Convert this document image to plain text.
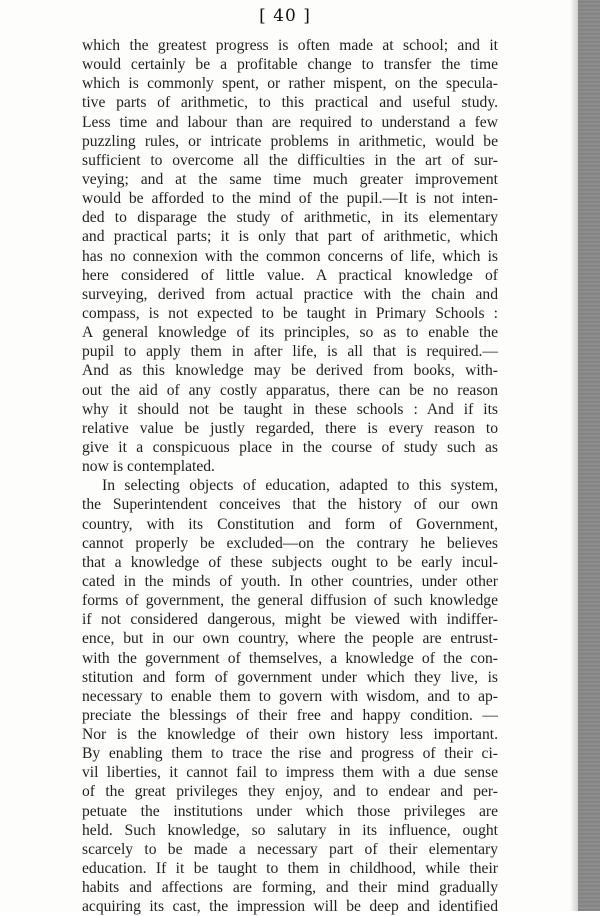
[ 40 ]
which the greatest progress is often made at school; and it
would certainly be a profitable change to transfer the time
which is commonly spent, or rather mispent, on the specula-
tive parts of arithmetic, to this practical and useful study.
Less time and labour than are required to understand a few
puzzling rules, or intricate problems in arithmetic, would be
sufficient to overcome all the difficulties in the art of sur-
veying; and at the same time much greater improvement
would be afforded to the mind of the pupil.—It is not inten-
ded to disparage the study of arithmetic, in its elementary
and practical parts; it is only that part of arithmetic, which
has no connexion with the common concerns of life, which is
here considered of little value. A practical knowledge of
surveying, derived from actual practice with the chain and
compass, is not expected to be taught in Primary Schools :
A general knowledge of its principles, so as to enable the
pupil to apply them in after life, is all that is required.—
And as this knowledge may be derived from books, with-
out the aid of any costly apparatus, there can be no reason
why it should not be taught in these schools : And if its
relative value be justly regarded, there is every reason to
give it a conspicuous place in the course of study such as
now is contemplated.
In selecting objects of education, adapted to this system,
the Superintendent conceives that the history of our own
country, with its Constitution and form of Government,
cannot properly be excluded—on the contrary he believes
that a knowledge of these subjects ought to be early incul-
cated in the minds of youth. In other countries, under other
forms of government, the general diffusion of such knowledge
if not considered dangerous, might be viewed with indiffer-
ence, but in our own country, where the people are entrust-
with the government of themselves, a knowledge of the con-
stitution and form of government under which they live, is
necessary to enable them to govern with wisdom, and to ap-
preciate the blessings of their free and happy condition. —
Nor is the knowledge of their own history less important.
By enabling them to trace the rise and progress of their ci-
vil liberties, it cannot fail to impress them with a due sense
of the great privileges they enjoy, and to endear and per-
petuate the institutions under which those privileges are
held. Such knowledge, so salutary in its influence, ought
scarcely to be made a necessary part of their elementary
education. If it be taught to them in childhood, while their
habits and affections are forming, and their mind gradually
acquiring its cast, the impression will be deep and identified
